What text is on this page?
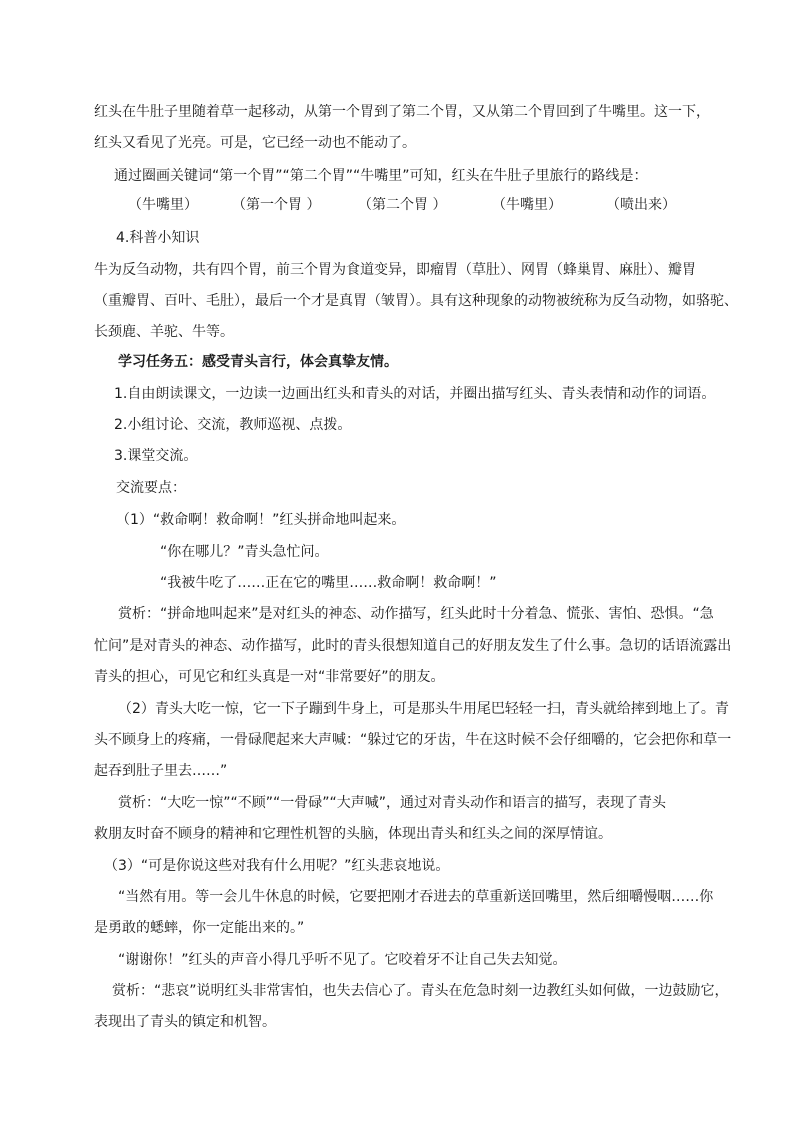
红头在牛肚子里随着草一起移动，从第一个胃到了第二个胃，又从第二个胃回到了牛嘴里。这一下，
红头又看见了光亮。可是，它已经一动也不能动了。
通过圈画关键词“第一个胃”“第二个胃”“牛嘴里”可知，红头在牛肚子里旅行的路线是：
（牛嘴里） （第一个胃 ）	（第二个胃 ）	（牛嘴里）	（喷出来）
4.科普小知识
牛为反刍动物，共有四个胃，前三个胃为食道变异，即瘤胃（草肚）、网胃（蜂巢胃、麻肚）、瓣胃
（重瓣胃、百叶、毛肚），最后一个才是真胃（皱胃）。具有这种现象的动物被统称为反刍动物，如骆驼、
长颈鹿、羊驼、牛等。
学习任务五：感受青头言行，体会真挚友情。
1.自由朗读课文，一边读一边画出红头和青头的对话，并圈出描写红头、青头表情和动作的词语。
2.小组讨论、交流，教师巡视、点拨。
3.课堂交流。
交流要点：
（1）“救命啊！救命啊！”红头拼命地叫起来。
“你在哪儿？”青头急忙问。
“我被牛吃了……正在它的嘴里……救命啊！救命啊！”
赏析：“拼命地叫起来”是对红头的神态、动作描写，红头此时十分着急、慌张、害怕、恐惧。“急
忙问”是对青头的神态、动作描写，此时的青头很想知道自己的好朋友发生了什么事。急切的话语流露出
青头的担心，可见它和红头真是一对“非常要好”的朋友。
（2）青头大吃一惊，它一下子蹦到牛身上，可是那头牛用尾巴轻轻一扫，青头就给摔到地上了。青
头不顾身上的疼痛，一骨碌爬起来大声喊：“躲过它的牙齿，牛在这时候不会仔细嚼的，它会把你和草一
起吞到肚子里去……”
赏析：“大吃一惊”“不顾”“一骨碌”“大声喊”，通过对青头动作和语言的描写，表现了青头
救朋友时奋不顾身的精神和它理性机智的头脑，体现出青头和红头之间的深厚情谊。
（3）“可是你说这些对我有什么用呢？”红头悲哀地说。
“当然有用。等一会儿牛休息的时候，它要把刚才吞进去的草重新送回嘴里，然后细嚼慢咽……你
是勇敢的蟋蟀，你一定能出来的。”
“谢谢你！”红头的声音小得几乎听不见了。它咬着牙不让自己失去知觉。
赏析：“悲哀”说明红头非常害怕，也失去信心了。青头在危急时刻一边教红头如何做，一边鼓励它，
表现出了青头的镇定和机智。
